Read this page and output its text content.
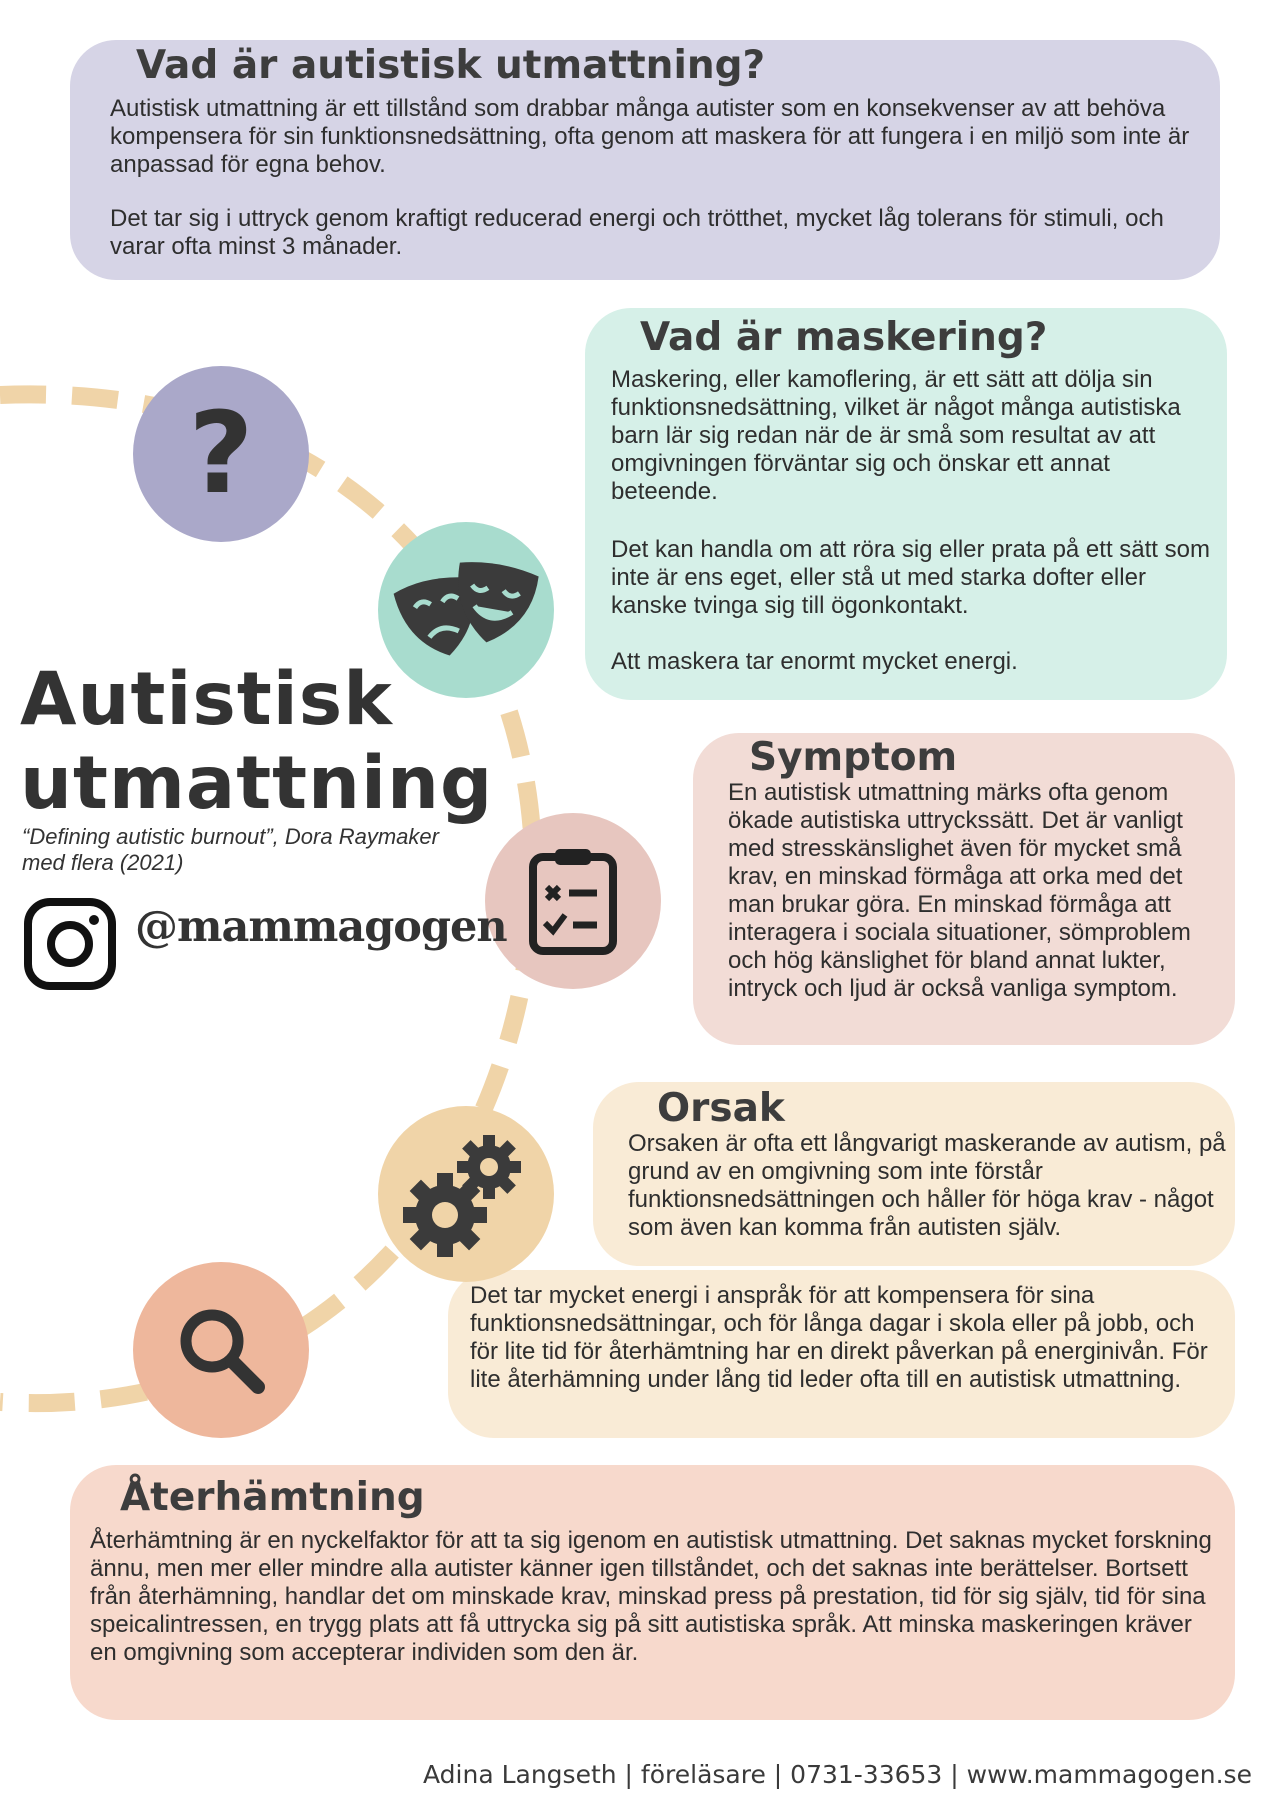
Vad är autistisk utmattning?

Autistisk utmattning är ett tillstånd som drabbar många autister som en konsekvenser av att behöva kompensera för sin funktionsnedsättning, ofta genom att maskera för att fungera i en miljö som inte är anpassad för egna behov.

Det tar sig i uttryck genom kraftigt reducerad energi och trötthet, mycket låg tolerans för stimuli, och varar ofta minst 3 månader.

Vad är maskering?

Maskering, eller kamoflering, är ett sätt att dölja sin funktionsnedsättning, vilket är något många autistiska barn lär sig redan när de är små som resultat av att omgivningen förväntar sig och önskar ett annat beteende.

Det kan handla om att röra sig eller prata på ett sätt som inte är ens eget, eller stå ut med starka dofter eller kanske tvinga sig till ögonkontakt.

Att maskera tar enormt mycket energi.

Symptom

En autistisk utmattning märks ofta genom ökade autistiska uttryckssätt. Det är vanligt med stresskänslighet även för mycket små krav, en minskad förmåga att orka med det man brukar göra. En minskad förmåga att interagera i sociala situationer, sömproblem och hög känslighet för bland annat lukter, intryck och ljud är också vanliga symptom.

Orsak

Orsaken är ofta ett långvarigt maskerande av autism, på grund av en omgivning som inte förstår funktionsnedsättningen och håller för höga krav - något som även kan komma från autisten själv.

Det tar mycket energi i anspråk för att kompensera för sina funktionsnedsättningar, och för långa dagar i skola eller på jobb, och för lite tid för återhämtning har en direkt påverkan på energinivån. För lite återhämning under lång tid leder ofta till en autistisk utmattning.

Återhämtning

Återhämtning är en nyckelfaktor för att ta sig igenom en autistisk utmattning. Det saknas mycket forskning ännu, men mer eller mindre alla autister känner igen tillståndet, och det saknas inte berättelser. Bortsett från återhämning, handlar det om minskade krav, minskad press på prestation, tid för sig själv, tid för sina speicalintressen, en trygg plats att få uttrycka sig på sitt autistiska språk. Att minska maskeringen kräver en omgivning som accepterar individen som den är.

?
Autistisk
utmattning
“Defining autistic burnout”, Dora Raymaker
med flera (2021)
@mammagogen
Adina Langseth | föreläsare | 0731-33653 | www.mammagogen.se
